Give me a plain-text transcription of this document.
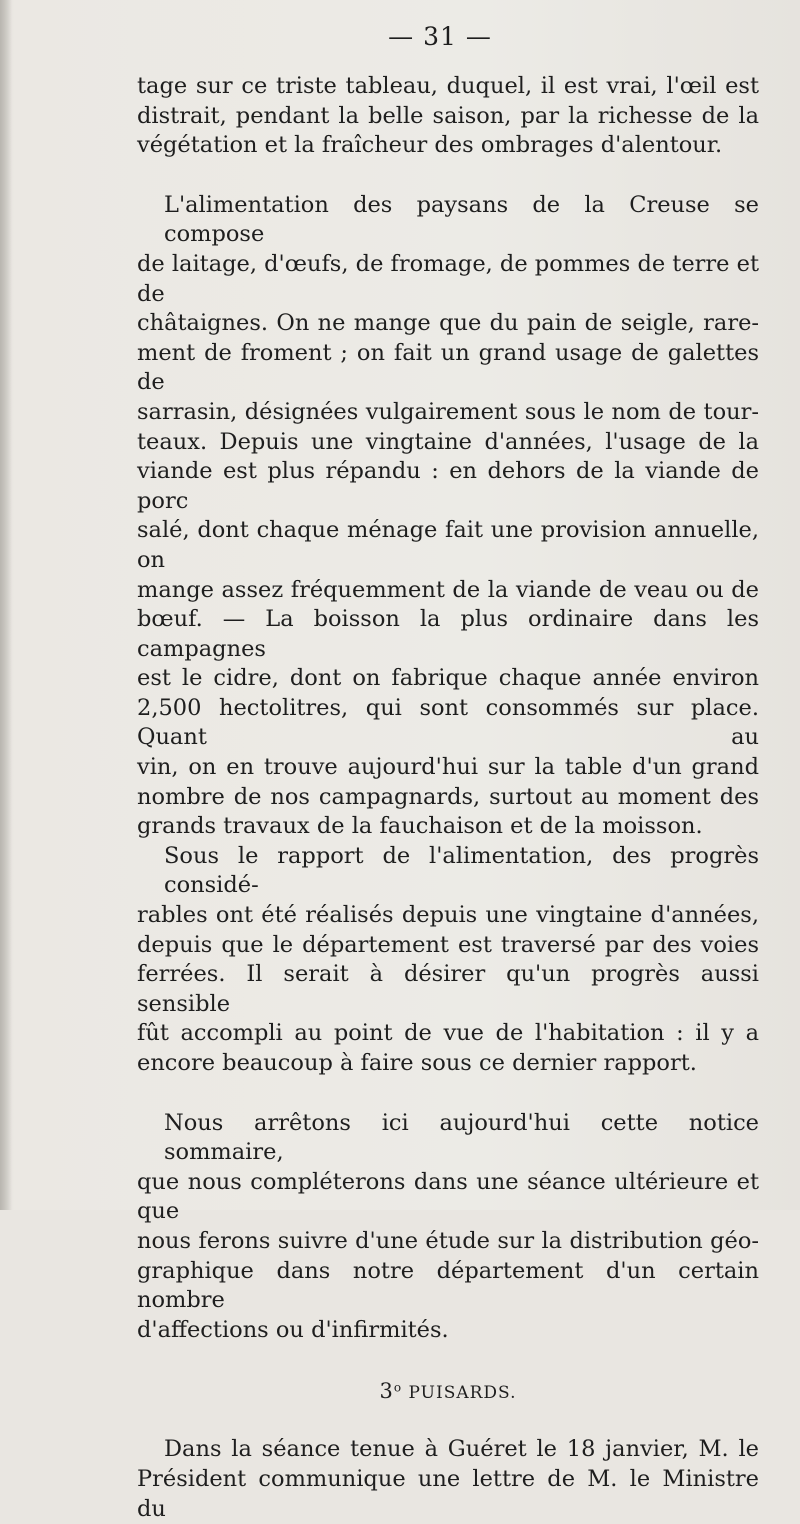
— 31 —

tage sur ce triste tableau, duquel, il est vrai, l'œil est
distrait, pendant la belle saison, par la richesse de la
végétation et la fraîcheur des ombrages d'alentour.

L'alimentation des paysans de la Creuse se compose
de laitage, d'œufs, de fromage, de pommes de terre et de
châtaignes. On ne mange que du pain de seigle, rare-
ment de froment ; on fait un grand usage de galettes de
sarrasin, désignées vulgairement sous le nom de tour-
teaux. Depuis une vingtaine d'années, l'usage de la
viande est plus répandu : en dehors de la viande de porc
salé, dont chaque ménage fait une provision annuelle, on
mange assez fréquemment de la viande de veau ou de
bœuf. — La boisson la plus ordinaire dans les campagnes
est le cidre, dont on fabrique chaque année environ
2,500 hectolitres, qui sont consommés sur place. Quant au
vin, on en trouve aujourd'hui sur la table d'un grand
nombre de nos campagnards, surtout au moment des
grands travaux de la fauchaison et de la moisson.

Sous le rapport de l'alimentation, des progrès considé-
rables ont été réalisés depuis une vingtaine d'années,
depuis que le département est traversé par des voies
ferrées. Il serait à désirer qu'un progrès aussi sensible
fût accompli au point de vue de l'habitation : il y a
encore beaucoup à faire sous ce dernier rapport.

Nous arrêtons ici aujourd'hui cette notice sommaire,
que nous compléterons dans une séance ultérieure et que
nous ferons suivre d'une étude sur la distribution géo-
graphique dans notre département d'un certain nombre
d'affections ou d'infirmités.

3$^o$ PUISARDS.

Dans la séance tenue à Guéret le 18 janvier, M. le
Président communique une lettre de M. le Ministre du
